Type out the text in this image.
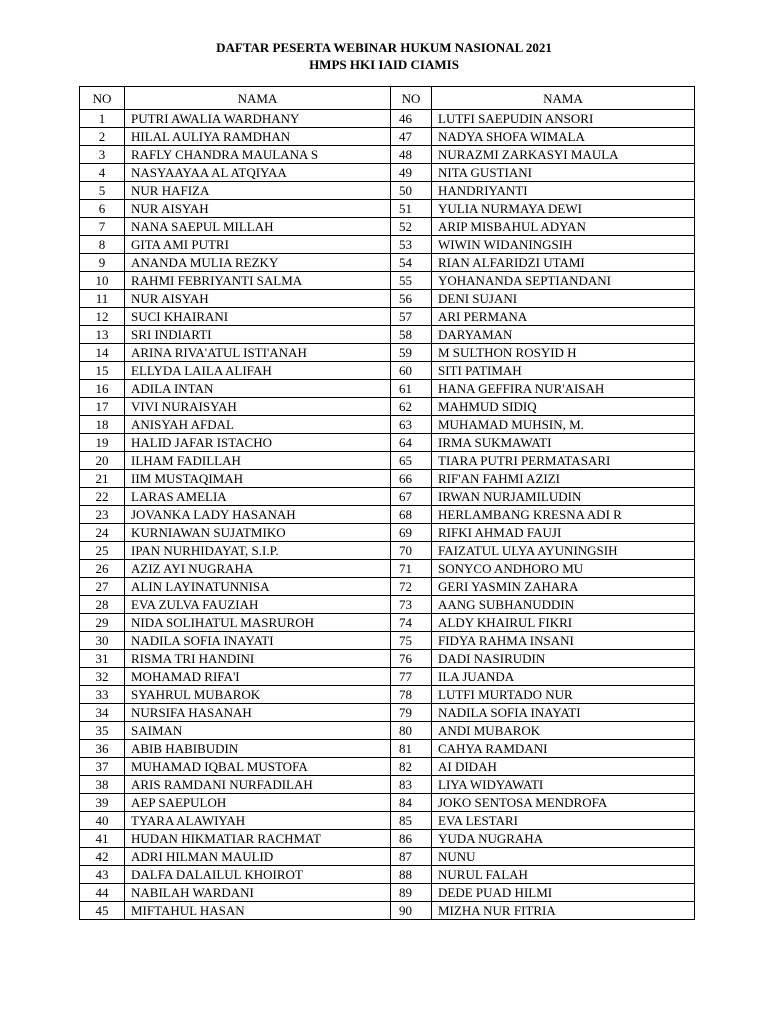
DAFTAR PESERTA WEBINAR HUKUM NASIONAL 2021
HMPS HKI IAID CIAMIS
NO	NAMA	NO	NAMA
1	PUTRI AWALIA WARDHANY	46	LUTFI SAEPUDIN ANSORI
2	HILAL AULIYA RAMDHAN	47	NADYA SHOFA WIMALA
3	RAFLY CHANDRA MAULANA S	48	NURAZMI ZARKASYI MAULA
4	NASYAAYAA AL ATQIYAA	49	NITA GUSTIANI
5	NUR HAFIZA	50	HANDRIYANTI
6	NUR AISYAH	51	YULIA NURMAYA DEWI
7	NANA SAEPUL MILLAH	52	ARIP MISBAHUL ADYAN
8	GITA AMI PUTRI	53	WIWIN WIDANINGSIH
9	ANANDA MULIA REZKY	54	RIAN ALFARIDZI UTAMI
10	RAHMI FEBRIYANTI SALMA	55	YOHANANDA SEPTIANDANI
11	NUR AISYAH	56	DENI SUJANI
12	SUCI KHAIRANI	57	ARI PERMANA
13	SRI INDIARTI	58	DARYAMAN
14	ARINA RIVA'ATUL ISTI'ANAH	59	M SULTHON ROSYID H
15	ELLYDA LAILA ALIFAH	60	SITI PATIMAH
16	ADILA INTAN	61	HANA GEFFIRA NUR'AISAH
17	VIVI NURAISYAH	62	MAHMUD SIDIQ
18	ANISYAH AFDAL	63	MUHAMAD MUHSIN, M.
19	HALID JAFAR ISTACHO	64	IRMA SUKMAWATI
20	ILHAM FADILLAH	65	TIARA PUTRI PERMATASARI
21	IIM MUSTAQIMAH	66	RIF'AN FAHMI AZIZI
22	LARAS AMELIA	67	IRWAN NURJAMILUDIN
23	JOVANKA LADY HASANAH	68	HERLAMBANG KRESNA ADI R
24	KURNIAWAN SUJATMIKO	69	RIFKI AHMAD FAUJI
25	IPAN NURHIDAYAT, S.I.P.	70	FAIZATUL ULYA AYUNINGSIH
26	AZIZ AYI NUGRAHA	71	SONYCO ANDHORO MU
27	ALIN LAYINATUNNISA	72	GERI YASMIN ZAHARA
28	EVA ZULVA FAUZIAH	73	AANG SUBHANUDDIN
29	NIDA SOLIHATUL MASRUROH	74	ALDY KHAIRUL FIKRI
30	NADILA SOFIA INAYATI	75	FIDYA RAHMA INSANI
31	RISMA TRI HANDINI	76	DADI NASIRUDIN
32	MOHAMAD RIFA'I	77	ILA JUANDA
33	SYAHRUL MUBAROK	78	LUTFI MURTADO NUR
34	NURSIFA HASANAH	79	NADILA SOFIA INAYATI
35	SAIMAN	80	ANDI MUBAROK
36	ABIB HABIBUDIN	81	CAHYA RAMDANI
37	MUHAMAD IQBAL MUSTOFA	82	AI DIDAH
38	ARIS RAMDANI NURFADILAH	83	LIYA WIDYAWATI
39	AEP SAEPULOH	84	JOKO SENTOSA MENDROFA
40	TYARA ALAWIYAH	85	EVA LESTARI
41	HUDAN HIKMATIAR RACHMAT	86	YUDA NUGRAHA
42	ADRI HILMAN MAULID	87	NUNU
43	DALFA DALAILUL KHOIROT	88	NURUL FALAH
44	NABILAH WARDANI	89	DEDE PUAD HILMI
45	MIFTAHUL HASAN	90	MIZHA NUR FITRIA
